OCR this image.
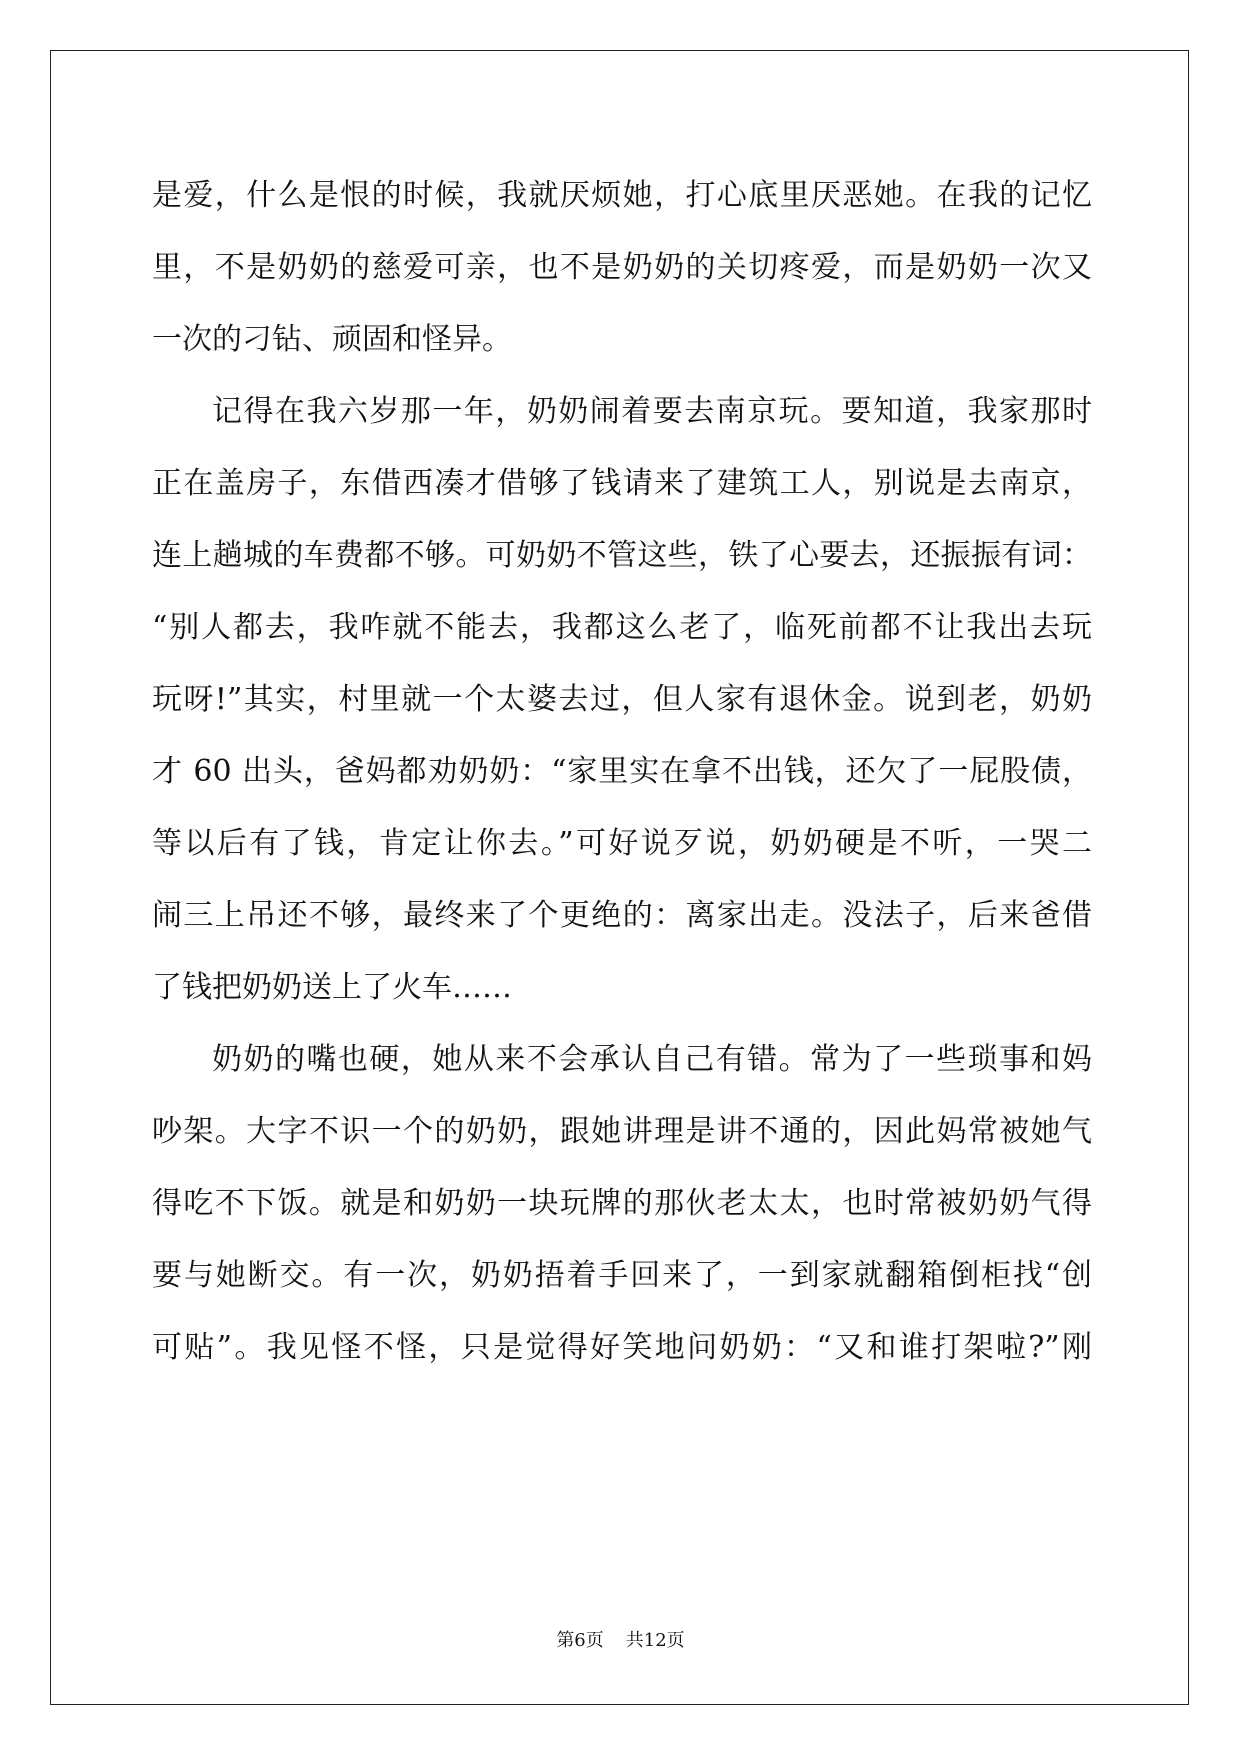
是爱，什么是恨的时候，我就厌烦她，打心底里厌恶她。在我的记忆
里，不是奶奶的慈爱可亲，也不是奶奶的关切疼爱，而是奶奶一次又
一次的刁钻、顽固和怪异。
记得在我六岁那一年，奶奶闹着要去南京玩。要知道，我家那时
正在盖房子，东借西凑才借够了钱请来了建筑工人，别说是去南京，
连上趟城的车费都不够。可奶奶不管这些，铁了心要去，还振振有词：
“别人都去，我咋就不能去，我都这么老了，临死前都不让我出去玩
玩呀!”其实，村里就一个太婆去过，但人家有退休金。说到老，奶奶
才 60 出头，爸妈都劝奶奶：“家里实在拿不出钱，还欠了一屁股债，
等以后有了钱，肯定让你去。”可好说歹说，奶奶硬是不听，一哭二
闹三上吊还不够，最终来了个更绝的：离家出走。没法子，后来爸借
了钱把奶奶送上了火车……
奶奶的嘴也硬，她从来不会承认自己有错。常为了一些琐事和妈
吵架。大字不识一个的奶奶，跟她讲理是讲不通的，因此妈常被她气
得吃不下饭。就是和奶奶一块玩牌的那伙老太太，也时常被奶奶气得
要与她断交。有一次，奶奶捂着手回来了，一到家就翻箱倒柜找“创
可贴”。我见怪不怪，只是觉得好笑地问奶奶：“又和谁打架啦?”刚
第6页 共12页
